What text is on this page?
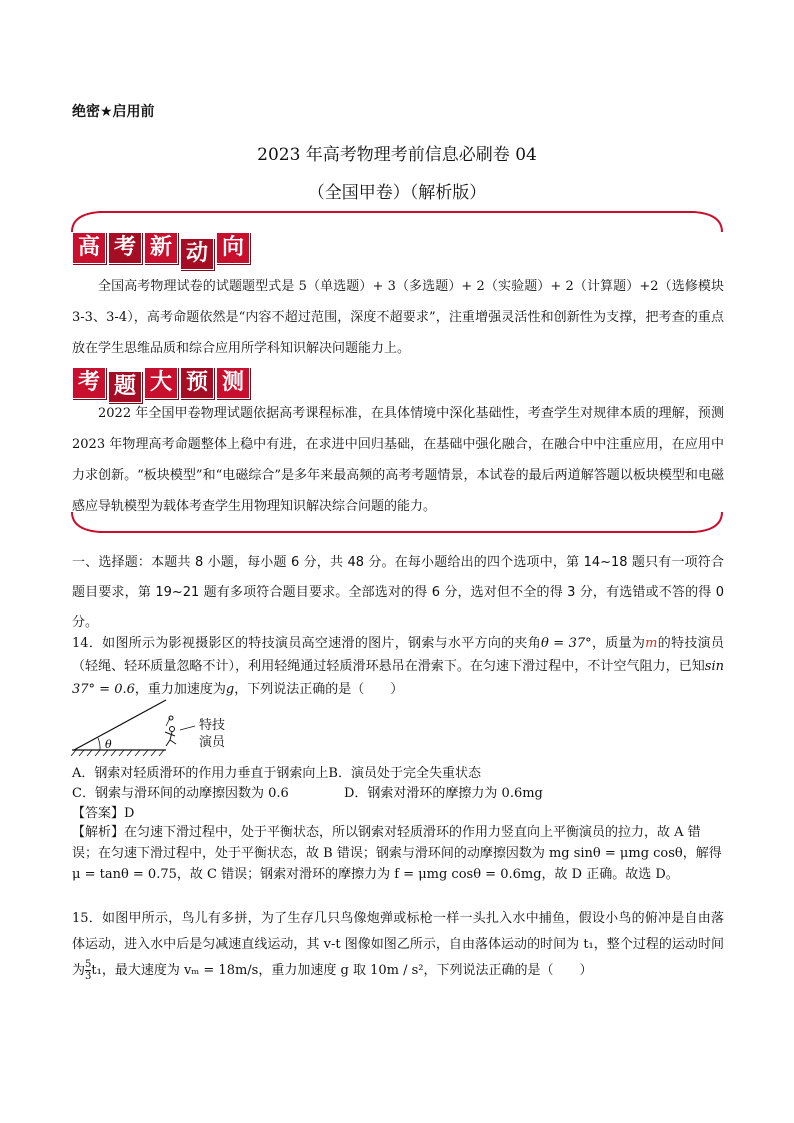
绝密★启用前
2023 年高考物理考前信息必刷卷 04
（全国甲卷）（解析版）
高 考 新 动 向
全国高考物理试卷的试题题型式是 5（单选题）+ 3（多选题）+ 2（实验题）+ 2（计算题）+2（选修模块 3-3、3-4），高考命题依然是“内容不超过范围，深度不超要求”，注重增强灵活性和创新性为支撑，把考查的重点放在学生思维品质和综合应用所学科知识解决问题能力上。
考 题 大 预 测
2022 年全国甲卷物理试题依据高考课程标准，在具体情境中深化基础性，考查学生对规律本质的理解，预测 2023 年物理高考命题整体上稳中有进，在求进中回归基础，在基础中强化融合，在融合中中注重应用，在应用中力求创新。“板块模型”和“电磁综合”是多年来最高频的高考考题情景，本试卷的最后两道解答题以板块模型和电磁感应导轨模型为载体考查学生用物理知识解决综合问题的能力。
一、选择题：本题共 8 小题，每小题 6 分，共 48 分。在每小题给出的四个选项中，第 14~18 题只有一项符合题目要求，第 19~21 题有多项符合题目要求。全部选对的得 6 分，选对但不全的得 3 分，有选错或不答的得 0 分。
14．如图所示为影视摄影区的特技演员高空速滑的图片，钢索与水平方向的夹角θ = 37°，质量为m的特技演员（轻绳、轻环质量忽略不计），利用轻绳通过轻质滑环悬吊在滑索下。在匀速下滑过程中，不计空气阻力，已知sin 37° = 0.6，重力加速度为g，下列说法正确的是（　　）
θ
特技
演员
A．钢索对轻质滑环的作用力垂直于钢索向上B．演员处于完全失重状态
C．钢索与滑环间的动摩擦因数为 0.6	D．钢索对滑环的摩擦力为 0.6mg
【答案】D
【解析】在匀速下滑过程中，处于平衡状态，所以钢索对轻质滑环的作用力竖直向上平衡演员的拉力，故 A 错误；在匀速下滑过程中，处于平衡状态，故 B 错误；钢索与滑环间的动摩擦因数为 mg sinθ = μmg cosθ，解得 μ = tanθ = 0.75，故 C 错误；钢索对滑环的摩擦力为 f = μmg cosθ = 0.6mg，故 D 正确。故选 D。
15．如图甲所示，鸟儿有多拼，为了生存几只鸟像炮弹或标枪一样一头扎入水中捕鱼，假设小鸟的俯冲是自由落体运动，进入水中后是匀减速直线运动，其 v-t 图像如图乙所示，自由落体运动的时间为 t₁，整个过程的运动时间为 $\frac{5}{3}t_1$，最大速度为 vₘ = 18m/s，重力加速度 g 取 10m / s²，下列说法正确的是（　　）
